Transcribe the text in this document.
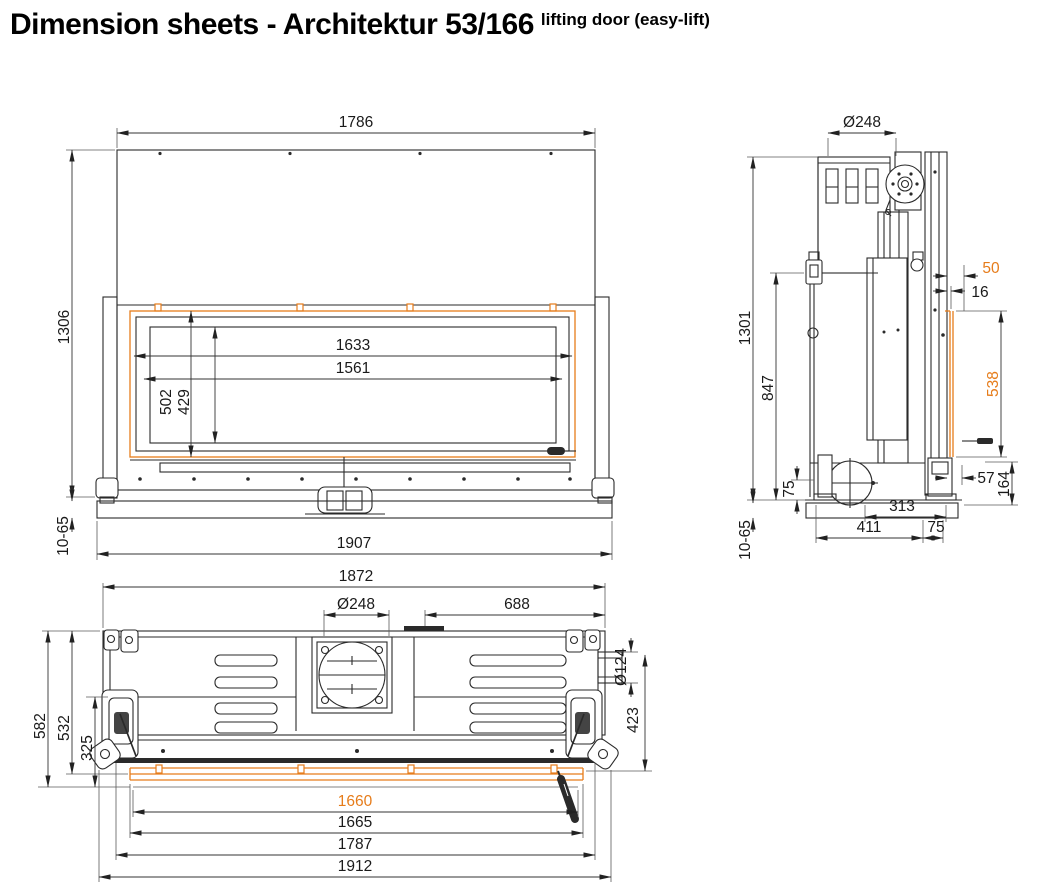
Dimension sheets - Architektur 53/166 lifting door (easy-lift)
1786
1306
1633
1561
502 429
10-65	1907
Ø248
1301
50
16
847	538
75
57 164
10-65
313
411	75
1872
Ø248	688
582 532
325
Ø124
423
1660
1665
1787
1912
